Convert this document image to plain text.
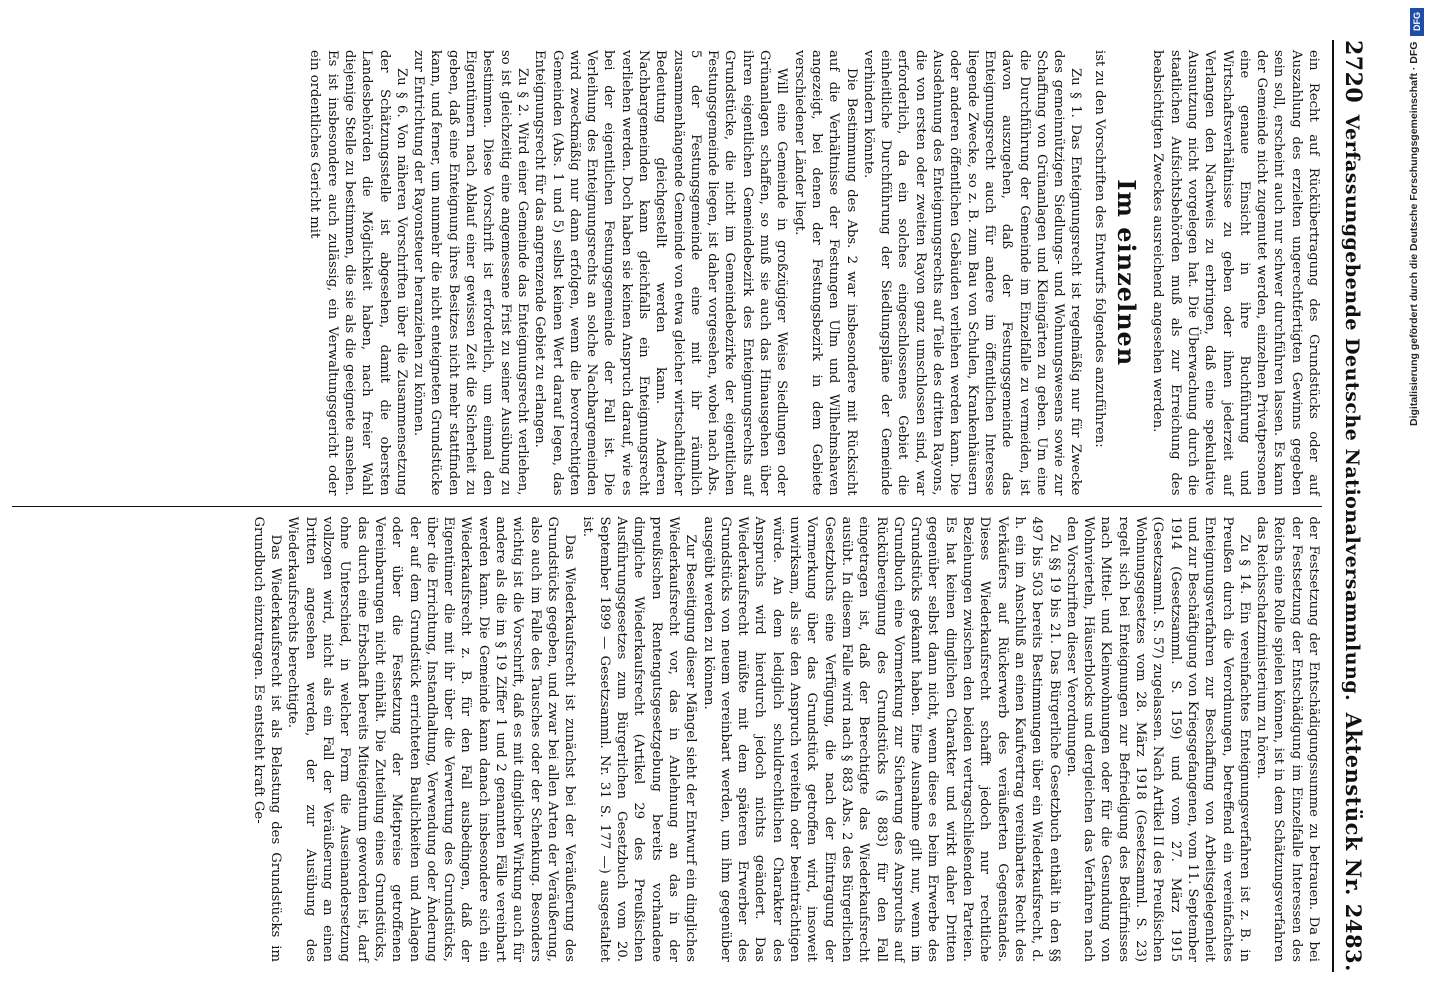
2720
Verfassunggebende Deutsche Nationalversammlung.
Aktenstück Nr. 2483.

ein Recht auf Rückübertragung des Grundstücks oder auf Auszahlung des erzielten ungerechtfertigten Gewinns gegeben sein soll, erscheint auch nur schwer durchführen lassen. Es kann der Gemeinde nicht zugemutet werden, einzelnen Privatpersonen eine genaue Einsicht in ihre Buchführung und Wirtschaftsverhältnisse zu geben oder ihnen jederzeit auf Verlangen den Nachweis zu erbringen, daß eine spekulative Ausnutzung nicht vorgelegen hat. Die Überwachung durch die staatlichen Aufsichtsbehörden muß als zur Erreichung des beabsichtigten Zweckes ausreichend angesehen werden.

Im einzelnen

ist zu den Vorschriften des Entwurfs folgendes anzuführen:

Zu § 1. Das Enteignungsrecht ist regelmäßig nur für Zwecke des gemeinnützigen Siedlungs- und Wohnungswesens sowie zur Schaffung von Grünanlagen und Kleingärten zu geben. Um eine die Durchführung der Gemeinde im Einzelfalle zu vermeiden, ist davon auszugehen, daß der Festungsgemeinde das Enteignungsrecht auch für andere im öffentlichen Interesse liegende Zwecke, so z. B. zum Bau von Schulen, Krankenhäusern oder anderen öffentlichen Gebäuden verliehen werden kann. Die Ausdehnung des Enteignungsrechts auf Teile des dritten Rayons, die von ersten oder zweiten Rayon ganz umschlossen sind, war erforderlich, da ein solches eingeschlossenes Gebiet die einheitliche Durchführung der Siedlungspläne der Gemeinde verhindern könnte.

Die Bestimmung des Abs. 2 war insbesondere mit Rücksicht auf die Verhältnisse der Festungen Ulm und Wilhelmshaven angezeigt, bei denen der Festungsbezirk in dem Gebiete verschiedener Länder liegt.

Will eine Gemeinde in großzügiger Weise Siedlungen oder Grünanlagen schaffen, so muß sie auch das Hinausgehen über ihren eigentlichen Gemeindebezirk des Enteignungsrechts auf Grundstücke, die nicht im Gemeindebezirke der eigentlichen Festungsgemeinde liegen, ist daher vorgesehen, wobei nach Abs. 5 der Festungsgemeinde eine mit ihr räumlich zusammenhängende Gemeinde von etwa gleicher wirtschaftlicher Bedeutung gleichgestellt werden kann. Anderen Nachbargemeinden kann gleichfalls ein Enteignungsrecht verliehen werden. Doch haben sie keinen Anspruch darauf, wie es bei der eigentlichen Festungsgemeinde der Fall ist. Die Verleihung des Enteignungsrechts an solche Nachbargemeinden wird zweckmäßig nur dann erfolgen, wenn die bevorrechtigten Gemeinden (Abs. 1 und 5) selbst keinen Wert darauf legen, das Enteignungsrecht für das angrenzende Gebiet zu erlangen.

Zu § 2. Wird einer Gemeinde das Enteignungsrecht verliehen, so ist gleichzeitig eine angemessene Frist zu seiner Ausübung zu bestimmen. Diese Vorschrift ist erforderlich, um einmal den Eigentümern nach Ablauf einer gewissen Zeit die Sicherheit zu geben, daß eine Enteignung ihres Besitzes nicht mehr stattfinden kann, und ferner, um nunmehr die nicht enteigneten Grundstücke zur Entrichtung der Rayonsteuer heranziehen zu können.

Zu § 6. Von näheren Vorschriften über die Zusammensetzung der Schätzungsstelle ist abgesehen, damit die obersten Landesbehörden die Möglichkeit haben, nach freier Wahl diejenige Stelle zu bestimmen, die sie als die geeignete ansehen. Es ist insbesondere auch zulässig, ein Verwaltungsgericht oder ein ordentliches Gericht mit

der Festsetzung der Entschädigungssumme zu betrauen. Da bei der Festsetzung der Entschädigung im Einzelfalle Interessen des Reichs eine Rolle spielen können, ist in dem Schätzungsverfahren das Reichsschatzministerium zu hören.

Zu § 14. Ein vereinfachtes Enteignungsverfahren ist z. B. in Preußen durch die Verordnungen, betreffend ein vereinfachtes Enteignungsverfahren zur Beschaffung von Arbeitsgelegenheit und zur Beschäftigung von Kriegsgefangenen, vom 11. September 1914 (Gesetzsamml. S. 159) und vom 27. März 1915 (Gesetzsamml. S. 57) zugelassen. Nach Artikel II des Preußischen Wohnungsgesetzes vom 28. März 1918 (Gesetzsamml. S. 23) regelt sich bei Enteignungen zur Befriedigung des Bedürfnisses nach Mittel- und Kleinwohnungen oder für die Gesundung von Wohnvierteln, Häuserblocks und dergleichen das Verfahren nach den Vorschriften dieser Verordnungen.

Zu §§ 19 bis 21. Das Bürgerliche Gesetzbuch enthält in den §§ 497 bis 503 bereits Bestimmungen über ein Wiederkaufsrecht, d. h. ein im Anschluß an einen Kaufvertrag vereinbartes Recht des Verkäufers auf Rückerwerb des veräußerten Gegenstandes. Dieses Wiederkaufsrecht schafft jedoch nur rechtliche Beziehungen zwischen den beiden vertragschließenden Parteien. Es hat keinen dinglichen Charakter und wirkt daher Dritten gegenüber selbst dann nicht, wenn diese es beim Erwerbe des Grundstücks gekannt haben. Eine Ausnahme gilt nur, wenn im Grundbuch eine Vormerkung zur Sicherung des Anspruchs auf Rückübereignung des Grundstücks (§ 883) für den Fall eingetragen ist, daß der Berechtigte das Wiederkaufsrecht ausübt. In diesem Falle wird nach § 883 Abs. 2 des Bürgerlichen Gesetzbuchs eine Verfügung, die nach der Eintragung der Vormerkung über das Grundstück getroffen wird, insoweit unwirksam, als sie den Anspruch vereiteln oder beeinträchtigen würde. An dem lediglich schuldrechtlichen Charakter des Anspruchs wird hierdurch jedoch nichts geändert. Das Wiederkaufsrecht müßte mit dem späteren Erwerber des Grundstücks von neuem vereinbart werden, um ihm gegenüber ausgeübt werden zu können.

Zur Beseitigung dieser Mängel sieht der Entwurf ein dingliches Wiederkaufsrecht vor, das in Anlehnung an das in der preußischen Rentengutsgesetzgebung bereits vorhandene dingliche Wiederkaufsrecht (Artikel 29 des Preußischen Ausführungsgesetzes zum Bürgerlichen Gesetzbuch vom 20. September 1899 — Gesetzsamml. Nr. 31 S. 177 —) ausgestaltet ist.

Das Wiederkaufsrecht ist zunächst bei der Veräußerung des Grundstücks gegeben, und zwar bei allen Arten der Veräußerung, also auch im Falle des Tausches oder der Schenkung. Besonders wichtig ist die Vorschrift, daß es mit dinglicher Wirkung auch für andere als die im § 19 Ziffer 1 und 2 genannten Fälle vereinbart werden kann. Die Gemeinde kann danach insbesondere sich ein Wiederkaufsrecht z. B. für den Fall ausbedingen, daß der Eigentümer die mit ihr über die Verwertung des Grundstücks, über die Errichtung, Instandhaltung, Verwendung oder Änderung der auf dem Grundstück errichteten Baulichkeiten und Anlagen oder über die Festsetzung der Mietpreise getroffenen Vereinbarungen nicht einhält. Die Zuteilung eines Grundstücks, das durch eine Erbschaft bereits Miteigentum geworden ist, darf ohne Unterschied, in welcher Form die Auseinandersetzung vollzogen wird, nicht als ein Fall der Veräußerung an einen Dritten angesehen werden, der zur Ausübung des Wiederkaufsrechts berechtigte.

Das Wiederkaufsrecht ist als Belastung des Grundstücks im Grundbuch einzutragen. Es entsteht kraft Ge-

DFG
Digitalisierung gefördert durch die Deutsche Forschungsgemeinschaft · DFG
